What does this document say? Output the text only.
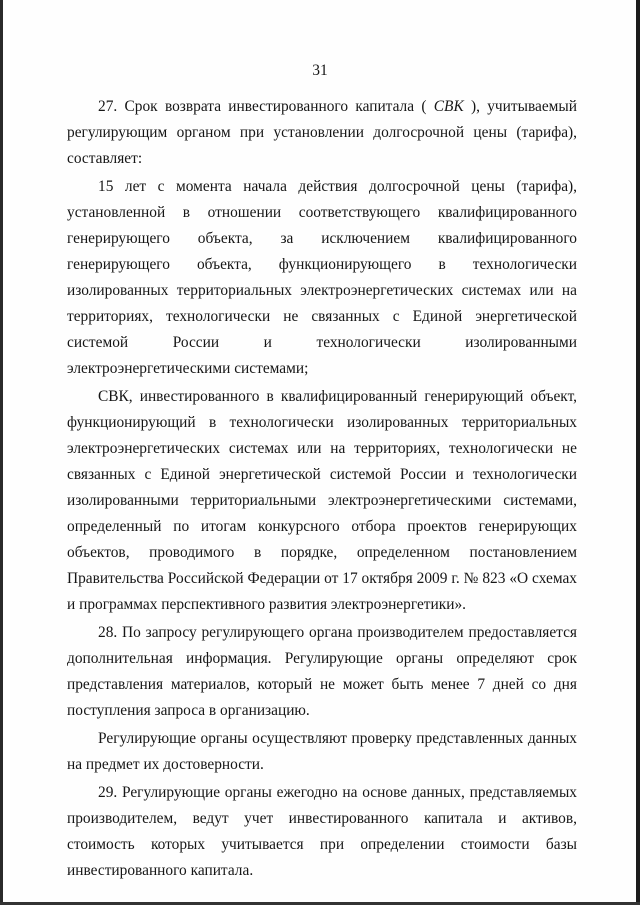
31

27. Срок возврата инвестированного капитала ( СВК ), учитываемый регулирующим органом при установлении долгосрочной цены (тарифа), составляет:

15 лет с момента начала действия долгосрочной цены (тарифа), установленной в отношении соответствующего квалифицированного генерирующего объекта, за исключением квалифицированного генерирующего объекта, функционирующего в технологически изолированных территориальных электроэнергетических системах или на территориях, технологически не связанных с Единой энергетической системой России и технологически изолированными электроэнергетическими системами;

СВК, инвестированного в квалифицированный генерирующий объект, функционирующий в технологически изолированных территориальных электроэнергетических системах или на территориях, технологически не связанных с Единой энергетической системой России и технологически изолированными территориальными электроэнергетическими системами, определенный по итогам конкурсного отбора проектов генерирующих объектов, проводимого в порядке, определенном постановлением Правительства Российской Федерации от 17 октября 2009 г. № 823 «О схемах и программах перспективного развития электроэнергетики».

28. По запросу регулирующего органа производителем предоставляется дополнительная информация. Регулирующие органы определяют срок представления материалов, который не может быть менее 7 дней со дня поступления запроса в организацию.

Регулирующие органы осуществляют проверку представленных данных на предмет их достоверности.

29. Регулирующие органы ежегодно на основе данных, представляемых производителем, ведут учет инвестированного капитала и активов, стоимость которых учитывается при определении стоимости базы инвестированного капитала.
